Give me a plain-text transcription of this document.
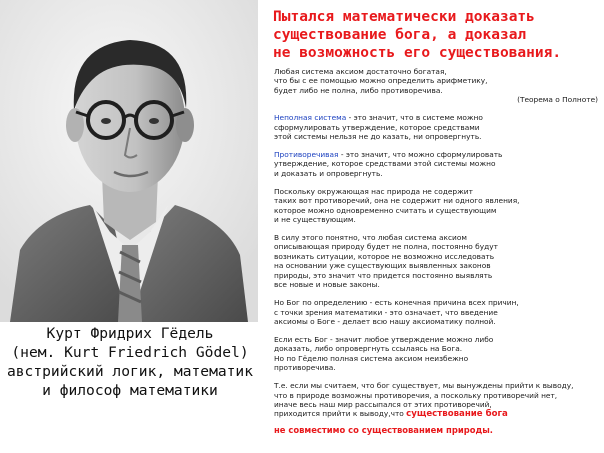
Курт Фридрих Гёдель
(нем. Kurt Friedrich Gödel)
австрийский логик, математик
и философ математики
Пытался математически доказать
существование бога, а доказал
не возможность его существования.

Любая система аксиом достаточно богатая,
что бы с ее помощью можно определить арифметику,
будет либо не полна, либо противоречива.
(Теорема о Полноте)

Неполная система - это значит, что в системе можно
сформулировать утверждение, которое средствами
этой системы нельзя не до казать, ни опровергнуть.

Противоречивая - это значит, что можно сформулировать
утверждение, которое средствами этой системы можно
и доказать и опровергнуть.

Поскольку окружающая нас природа не содержит
таких вот противоречий, она не содержит ни одного явления,
которое можно одновременно считать и существующим
и не существующим.

В силу этого понятно, что любая система аксиом
описывающая природу будет не полна, постоянно будут
возникать ситуации, которое не возможно исследовать
на основании уже существующих выявленных законов
природы, это значит что придется постоянно выявлять
все новые и новые законы.

Но Бог по определению - есть конечная причина всех причин,
с точки зрения математики - это означает, что введение
аксиомы о Боге - делает всю нашу аксиоматику полной.

Если есть Бог - значит любое утверждение можно либо
доказать, либо опровергнуть ссылаясь на Бога.
Но по Гёделю полная система аксиом неизбежно
противоречива.

Т.е. если мы считаем, что бог существует, мы вынуждены прийти к выводу,
что в природе возможны противоречия, а поскольку противоречий нет,
иначе весь наш мир рассыпался от этих противоречий,
приходится прийти к выводу,что существование бога
не совместимо со существованием природы.
